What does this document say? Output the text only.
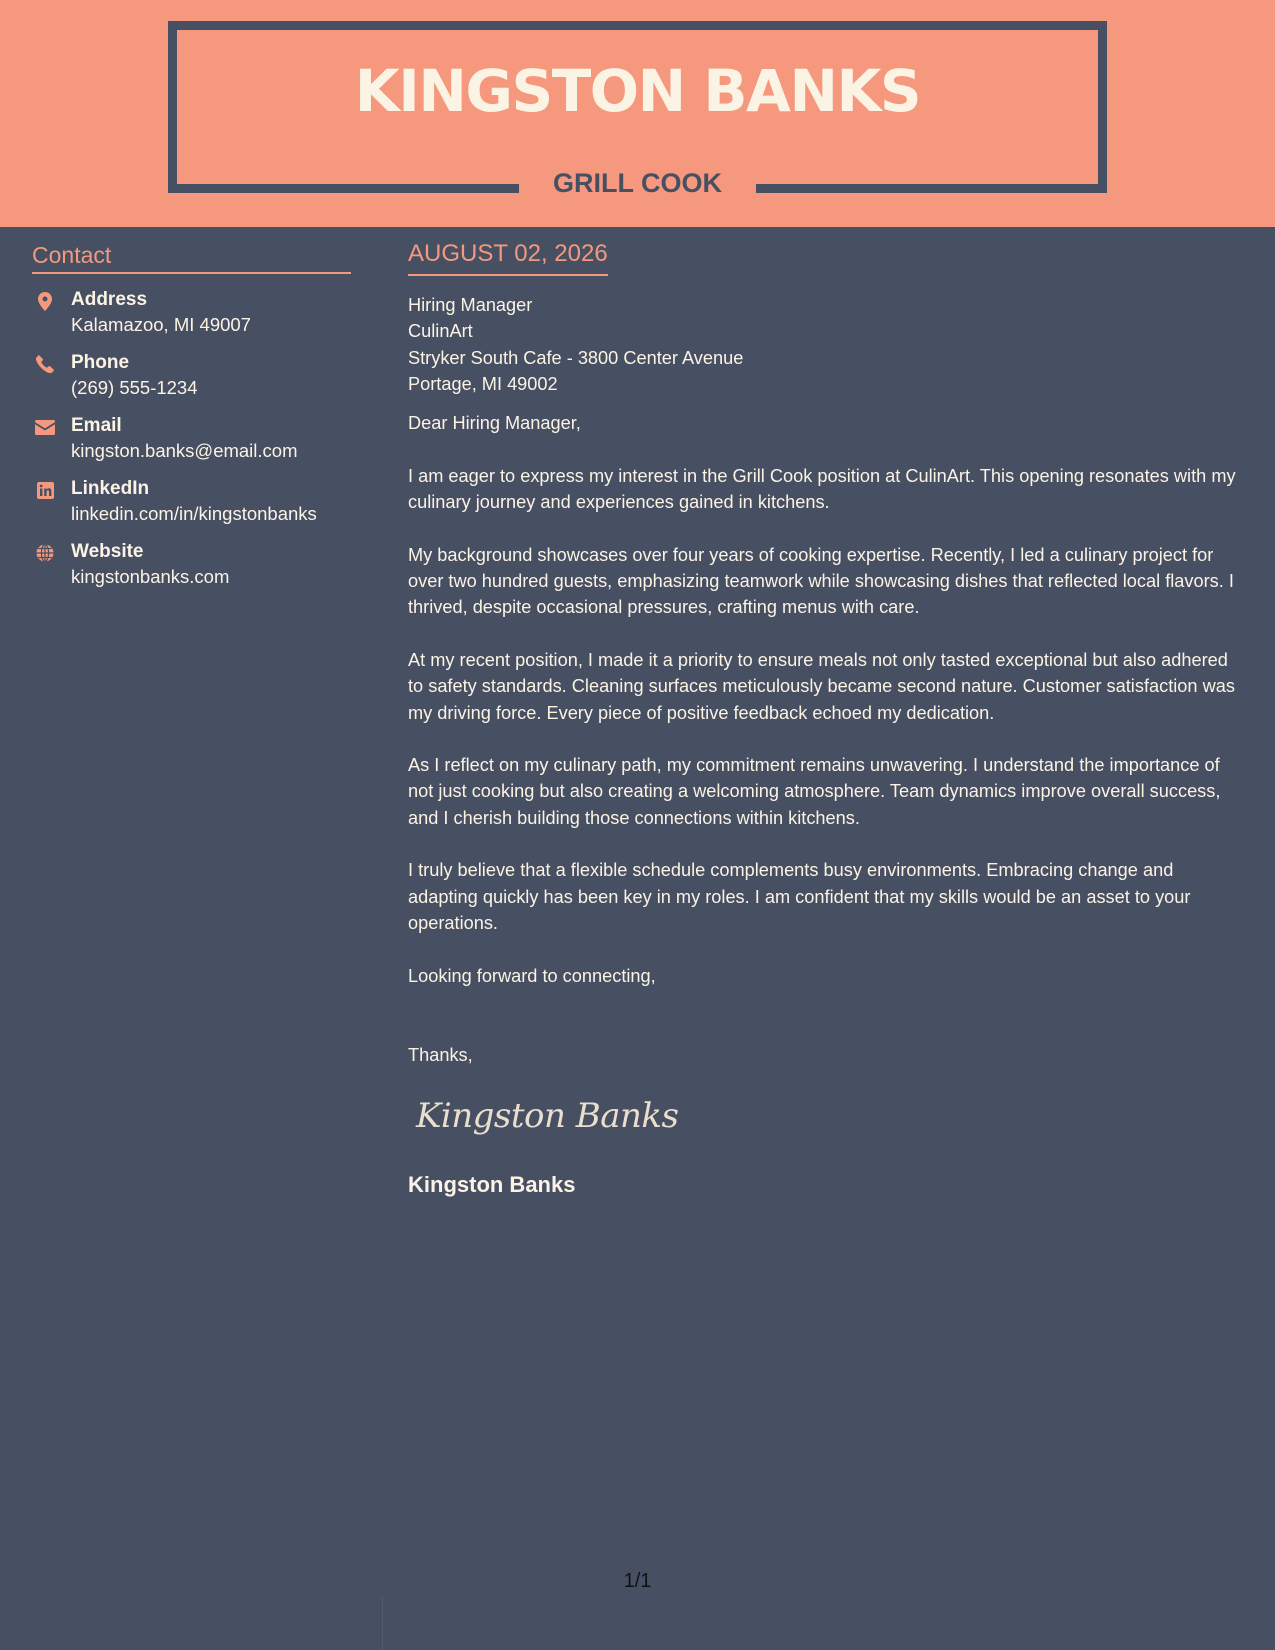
KINGSTON BANKS
GRILL COOK
Contact
Address
Kalamazoo, MI 49007
Phone
(269) 555-1234
Email
kingston.banks@email.com
LinkedIn
linkedin.com/in/kingstonbanks
Website
kingstonbanks.com
AUGUST 02, 2026
Hiring Manager
CulinArt
Stryker South Cafe - 3800 Center Avenue
Portage, MI 49002
Dear Hiring Manager,
I am eager to express my interest in the Grill Cook position at CulinArt. This opening resonates with my culinary journey and experiences gained in kitchens.
My background showcases over four years of cooking expertise. Recently, I led a culinary project for over two hundred guests, emphasizing teamwork while showcasing dishes that reflected local flavors. I thrived, despite occasional pressures, crafting menus with care.
At my recent position, I made it a priority to ensure meals not only tasted exceptional but also adhered to safety standards. Cleaning surfaces meticulously became second nature. Customer satisfaction was my driving force. Every piece of positive feedback echoed my dedication.
As I reflect on my culinary path, my commitment remains unwavering. I understand the importance of not just cooking but also creating a welcoming atmosphere. Team dynamics improve overall success, and I cherish building those connections within kitchens.
I truly believe that a flexible schedule complements busy environments. Embracing change and adapting quickly has been key in my roles. I am confident that my skills would be an asset to your operations.
Looking forward to connecting,
Thanks,
Kingston Banks
Kingston Banks
1/1
